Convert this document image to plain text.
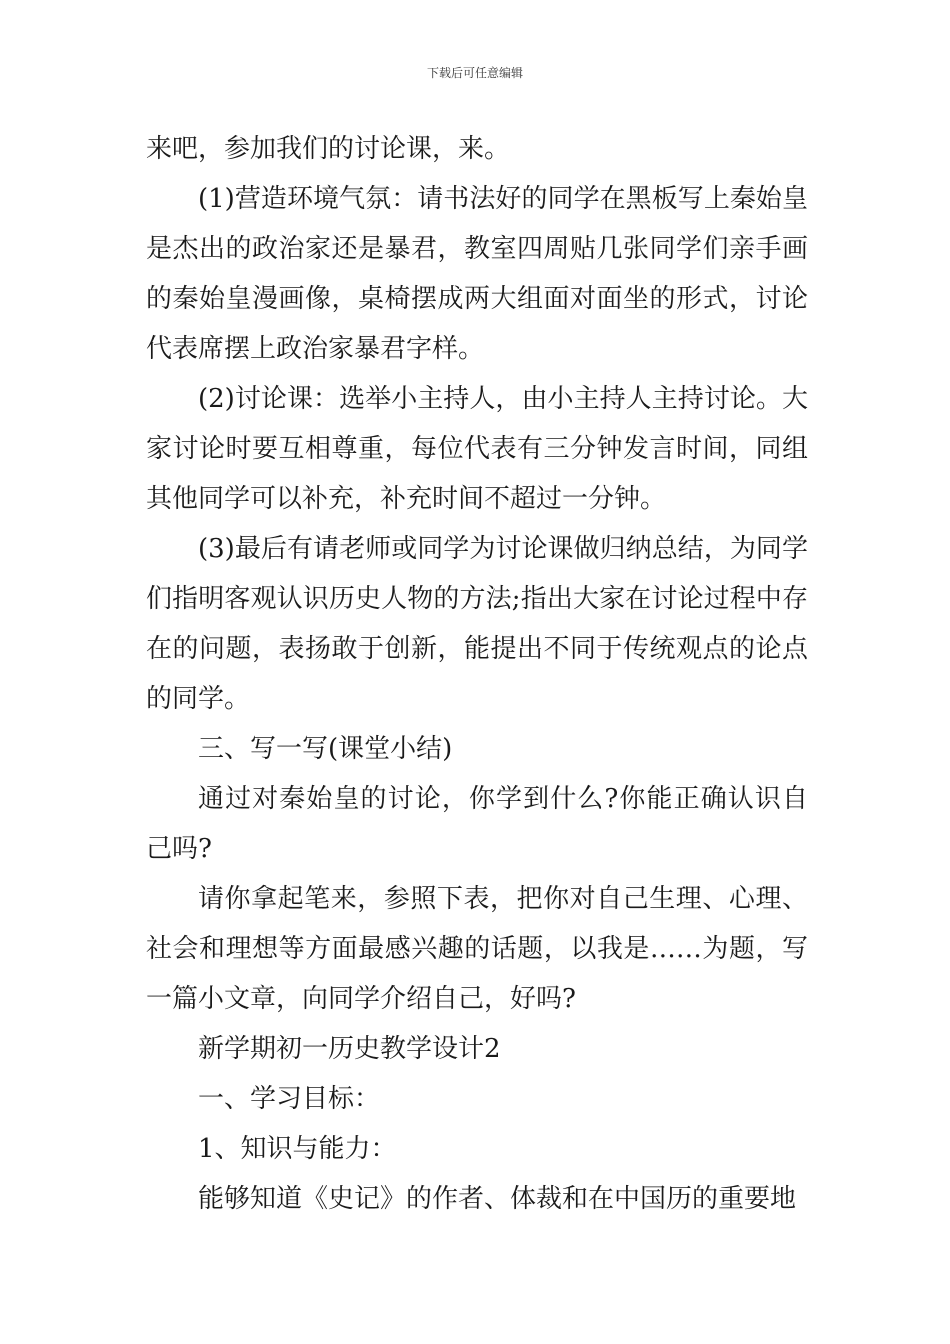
下载后可任意编辑

来吧，参加我们的讨论课，来。

(1)营造环境气氛：请书法好的同学在黑板写上秦始皇是杰出的政治家还是暴君，教室四周贴几张同学们亲手画的秦始皇漫画像，桌椅摆成两大组面对面坐的形式，讨论代表席摆上政治家暴君字样。

(2)讨论课：选举小主持人，由小主持人主持讨论。大家讨论时要互相尊重，每位代表有三分钟发言时间，同组其他同学可以补充，补充时间不超过一分钟。

(3)最后有请老师或同学为讨论课做归纳总结，为同学们指明客观认识历史人物的方法;指出大家在讨论过程中存在的问题，表扬敢于创新，能提出不同于传统观点的论点的同学。

三、写一写(课堂小结)

通过对秦始皇的讨论，你学到什么?你能正确认识自己吗?

请你拿起笔来，参照下表，把你对自己生理、心理、社会和理想等方面最感兴趣的话题，以我是……为题，写一篇小文章，向同学介绍自己，好吗?

新学期初一历史教学设计2

一、学习目标：

1、知识与能力：

能够知道《史记》的作者、体裁和在中国历的重要地
